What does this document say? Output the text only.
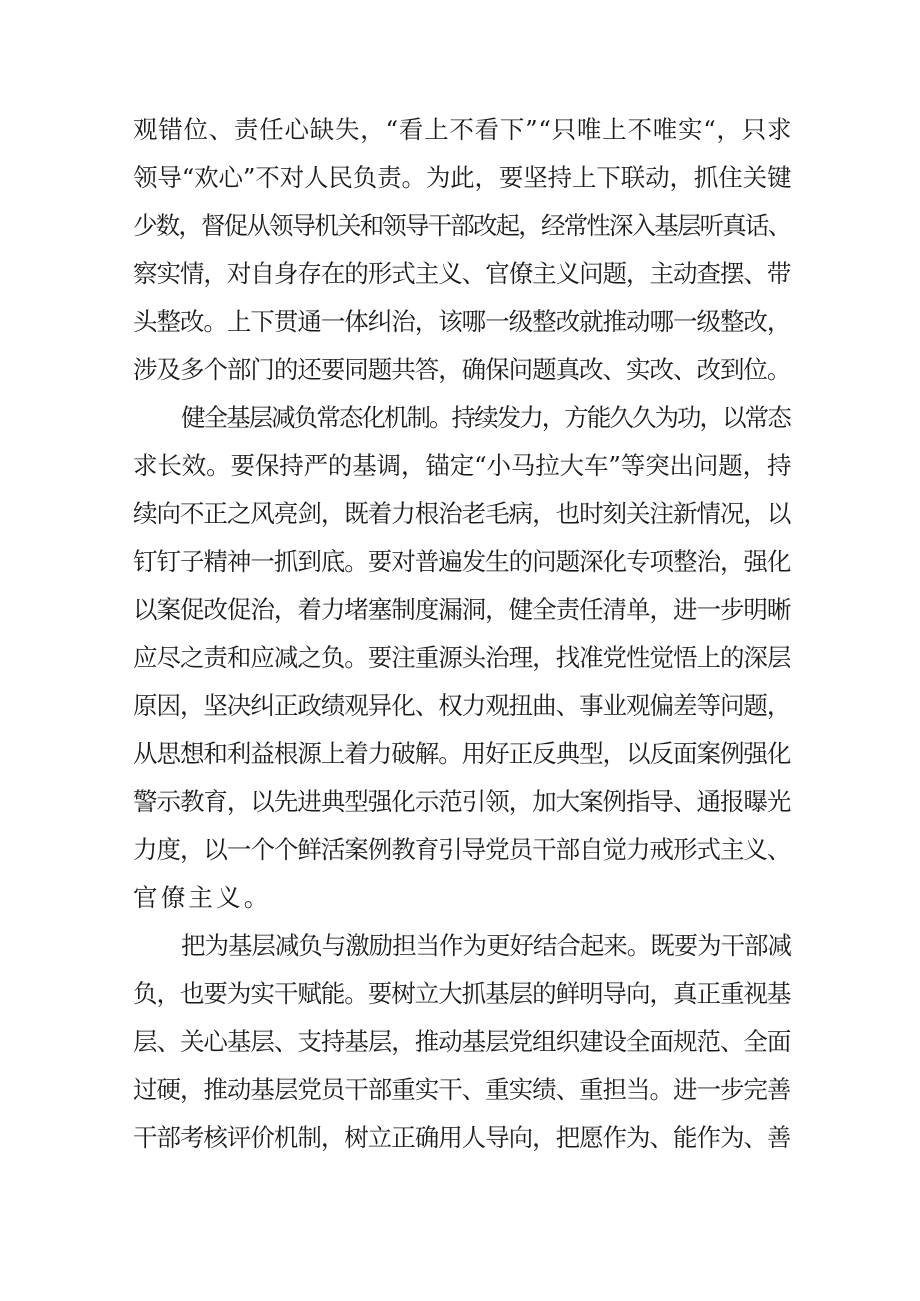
观错位、责任心缺失，“看上不看下”“只唯上不唯实“，只求
领导“欢心”不对人民负责。为此，要坚持上下联动，抓住关键
少数，督促从领导机关和领导干部改起，经常性深入基层听真话、
察实情，对自身存在的形式主义、官僚主义问题，主动查摆、带
头整改。上下贯通一体纠治，该哪一级整改就推动哪一级整改，
涉及多个部门的还要同题共答，确保问题真改、实改、改到位。
健全基层减负常态化机制。持续发力，方能久久为功，以常态
求长效。要保持严的基调，锚定“小马拉大车”等突出问题，持
续向不正之风亮剑，既着力根治老毛病，也时刻关注新情况，以
钉钉子精神一抓到底。要对普遍发生的问题深化专项整治，强化
以案促改促治，着力堵塞制度漏洞，健全责任清单，进一步明晰
应尽之责和应减之负。要注重源头治理，找准党性觉悟上的深层
原因，坚决纠正政绩观异化、权力观扭曲、事业观偏差等问题，
从思想和利益根源上着力破解。用好正反典型，以反面案例强化
警示教育，以先进典型强化示范引领，加大案例指导、通报曝光
力度，以一个个鲜活案例教育引导党员干部自觉力戒形式主义、
官僚主义。
把为基层减负与激励担当作为更好结合起来。既要为干部减
负，也要为实干赋能。要树立大抓基层的鲜明导向，真正重视基
层、关心基层、支持基层，推动基层党组织建设全面规范、全面
过硬，推动基层党员干部重实干、重实绩、重担当。进一步完善
干部考核评价机制，树立正确用人导向，把愿作为、能作为、善
